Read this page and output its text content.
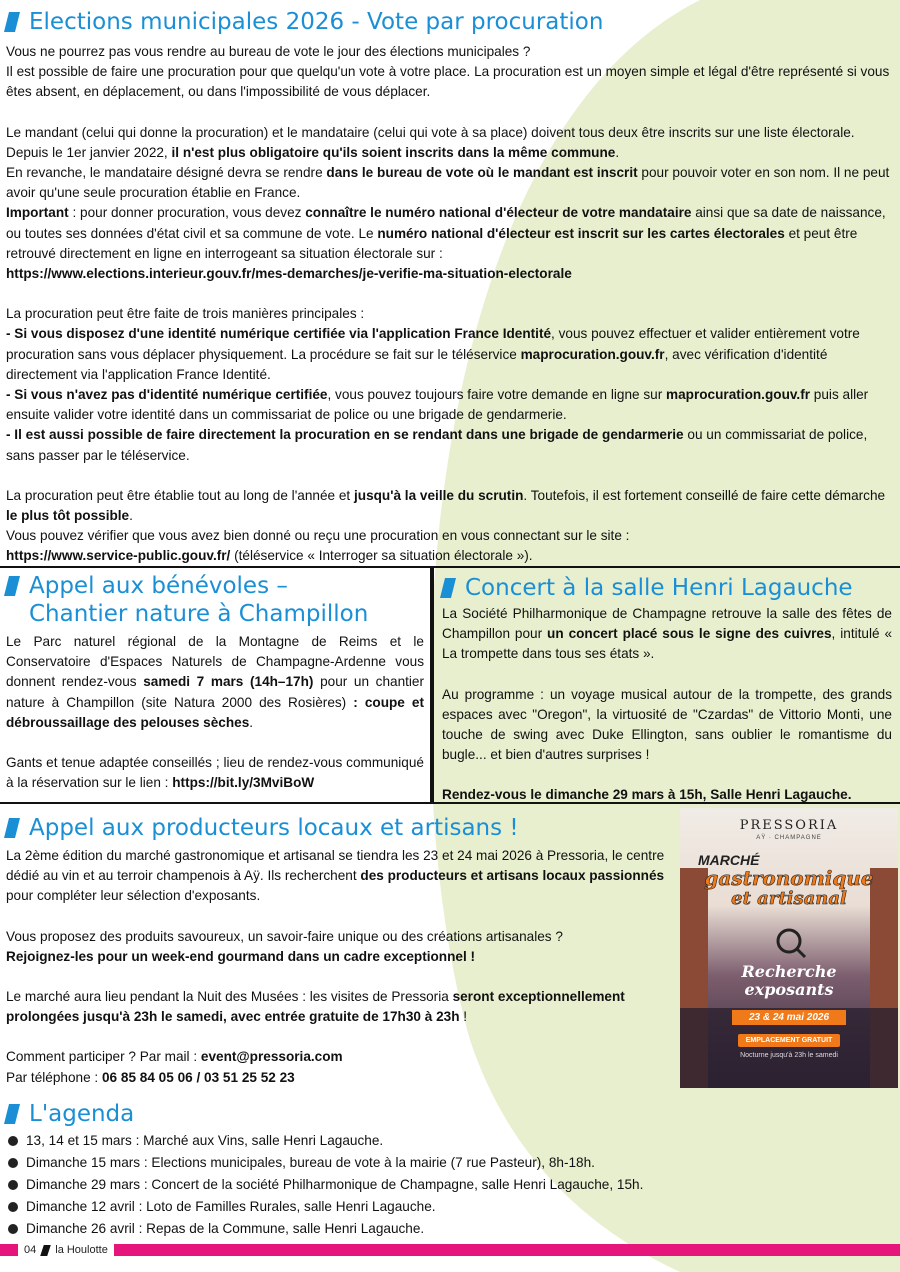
Elections municipales 2026 - Vote par procuration

Vous ne pourrez pas vous rendre au bureau de vote le jour des élections municipales ?

Il est possible de faire une procuration pour que quelqu'un vote à votre place. La procuration est un moyen simple et légal d'être représenté si vous êtes absent, en déplacement, ou dans l'impossibilité de vous déplacer.

Le mandant (celui qui donne la procuration) et le mandataire (celui qui vote à sa place) doivent tous deux être inscrits sur une liste électorale. Depuis le 1er janvier 2022, il n'est plus obligatoire qu'ils soient inscrits dans la même commune.

En revanche, le mandataire désigné devra se rendre dans le bureau de vote où le mandant est inscrit pour pouvoir voter en son nom. Il ne peut avoir qu'une seule procuration établie en France.

Important : pour donner procuration, vous devez connaître le numéro national d'électeur de votre mandataire ainsi que sa date de naissance, ou toutes ses données d'état civil et sa commune de vote. Le numéro national d'électeur est inscrit sur les cartes électorales et peut être retrouvé directement en ligne en interrogeant sa situation électorale sur :

https://www.elections.interieur.gouv.fr/mes-demarches/je-verifie-ma-situation-electorale

La procuration peut être faite de trois manières principales :

- Si vous disposez d'une identité numérique certifiée via l'application France Identité, vous pouvez effectuer et valider entièrement votre procuration sans vous déplacer physiquement. La procédure se fait sur le téléservice maprocuration.gouv.fr, avec vérification d'identité directement via l'application France Identité.

- Si vous n'avez pas d'identité numérique certifiée, vous pouvez toujours faire votre demande en ligne sur maprocuration.gouv.fr puis aller ensuite valider votre identité dans un commissariat de police ou une brigade de gendarmerie.

- Il est aussi possible de faire directement la procuration en se rendant dans une brigade de gendarmerie ou un commissariat de police, sans passer par le téléservice.

La procuration peut être établie tout au long de l'année et jusqu'à la veille du scrutin. Toutefois, il est fortement conseillé de faire cette démarche le plus tôt possible.

Vous pouvez vérifier que vous avez bien donné ou reçu une procuration en vous connectant sur le site :

https://www.service-public.gouv.fr/ (téléservice « Interroger sa situation électorale »).

Appel aux bénévoles –
Chantier nature à Champillon

Le Parc naturel régional de la Montagne de Reims et le Conservatoire d'Espaces Naturels de Champagne-Ardenne vous donnent rendez-vous samedi 7 mars (14h–17h) pour un chantier nature à Champillon (site Natura 2000 des Rosières) : coupe et débroussaillage des pelouses sèches.

Gants et tenue adaptée conseillés ; lieu de rendez-vous communiqué à la réservation sur le lien : https://bit.ly/3MviBoW

Concert à la salle Henri Lagauche

La Société Philharmonique de Champagne retrouve la salle des fêtes de Champillon pour un concert placé sous le signe des cuivres, intitulé « La trompette dans tous ses états ».

Au programme : un voyage musical autour de la trompette, des grands espaces avec "Oregon", la virtuosité de "Czardas" de Vittorio Monti, une touche de swing avec Duke Ellington, sans oublier le romantisme du bugle... et bien d'autres surprises !

Rendez-vous le dimanche 29 mars à 15h, Salle Henri Lagauche.

Appel aux producteurs locaux et artisans !

La 2ème édition du marché gastronomique et artisanal se tiendra les 23 et 24 mai 2026 à Pressoria, le centre dédié au vin et au terroir champenois à Aÿ. Ils recherchent des producteurs et artisans locaux passionnés pour compléter leur sélection d'exposants.

Vous proposez des produits savoureux, un savoir-faire unique ou des créations artisanales ?

Rejoignez-les pour un week-end gourmand dans un cadre exceptionnel !

Le marché aura lieu pendant la Nuit des Musées : les visites de Pressoria seront exceptionnellement prolongées jusqu'à 23h le samedi, avec entrée gratuite de 17h30 à 23h !

Comment participer ? Par mail : event@pressoria.com

Par téléphone : 06 85 84 05 06 / 03 51 25 52 23

PRESSORIA
AŸ · CHAMPAGNE
MARCHÉ
gastronomique
et artisanal
Recherche
exposants
23 & 24 mai 2026
EMPLACEMENT GRATUIT
Nocturne jusqu'à 23h le samedi
L'agenda
13, 14 et 15 mars : Marché aux Vins, salle Henri Lagauche.
Dimanche 15 mars : Elections municipales, bureau de vote à la mairie (7 rue Pasteur), 8h-18h.
Dimanche 29 mars : Concert de la société Philharmonique de Champagne, salle Henri Lagauche, 15h.
Dimanche 12 avril : Loto de Familles Rurales, salle Henri Lagauche.
Dimanche 26 avril : Repas de la Commune, salle Henri Lagauche.
04 la Houlotte
